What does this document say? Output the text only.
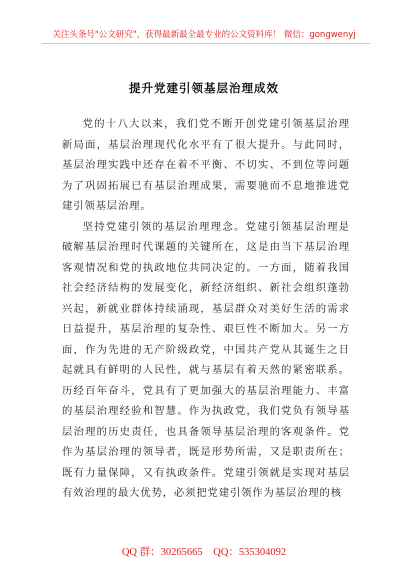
关注头条号"公文研究"，获得最新最全最专业的公文资料库！ 微信：gongwenyj
提升党建引领基层治理成效

党的十八大以来，我们党不断开创党建引领基层治理新局面，基层治理现代化水平有了很大提升。与此同时，基层治理实践中还存在着不平衡、不切实、不到位等问题为了巩固拓展已有基层治理成果，需要驰而不息地推进党建引领基层治理。

坚持党建引领的基层治理理念。党建引领基层治理是破解基层治理时代课题的关键所在，这是由当下基层治理客观情况和党的执政地位共同决定的。一方面，随着我国社会经济结构的发展变化，新经济组织、新社会组织蓬勃兴起，新就业群体持续涌现，基层群众对美好生活的需求日益提升，基层治理的复杂性、艰巨性不断加大。另一方面，作为先进的无产阶级政党，中国共产党从其诞生之日起就具有鲜明的人民性，就与基层有着天然的紧密联系。历经百年奋斗，党具有了更加强大的基层治理能力、丰富的基层治理经验和智慧。作为执政党，我们党负有领导基层治理的历史责任，也具备领导基层治理的客观条件。党作为基层治理的领导者，既是形势所需，又是职责所在；既有力量保障，又有执政条件。党建引领就是实现对基层有效治理的最大优势，必须把党建引领作为基层治理的核

QQ 群：30265665 QQ：535304092
